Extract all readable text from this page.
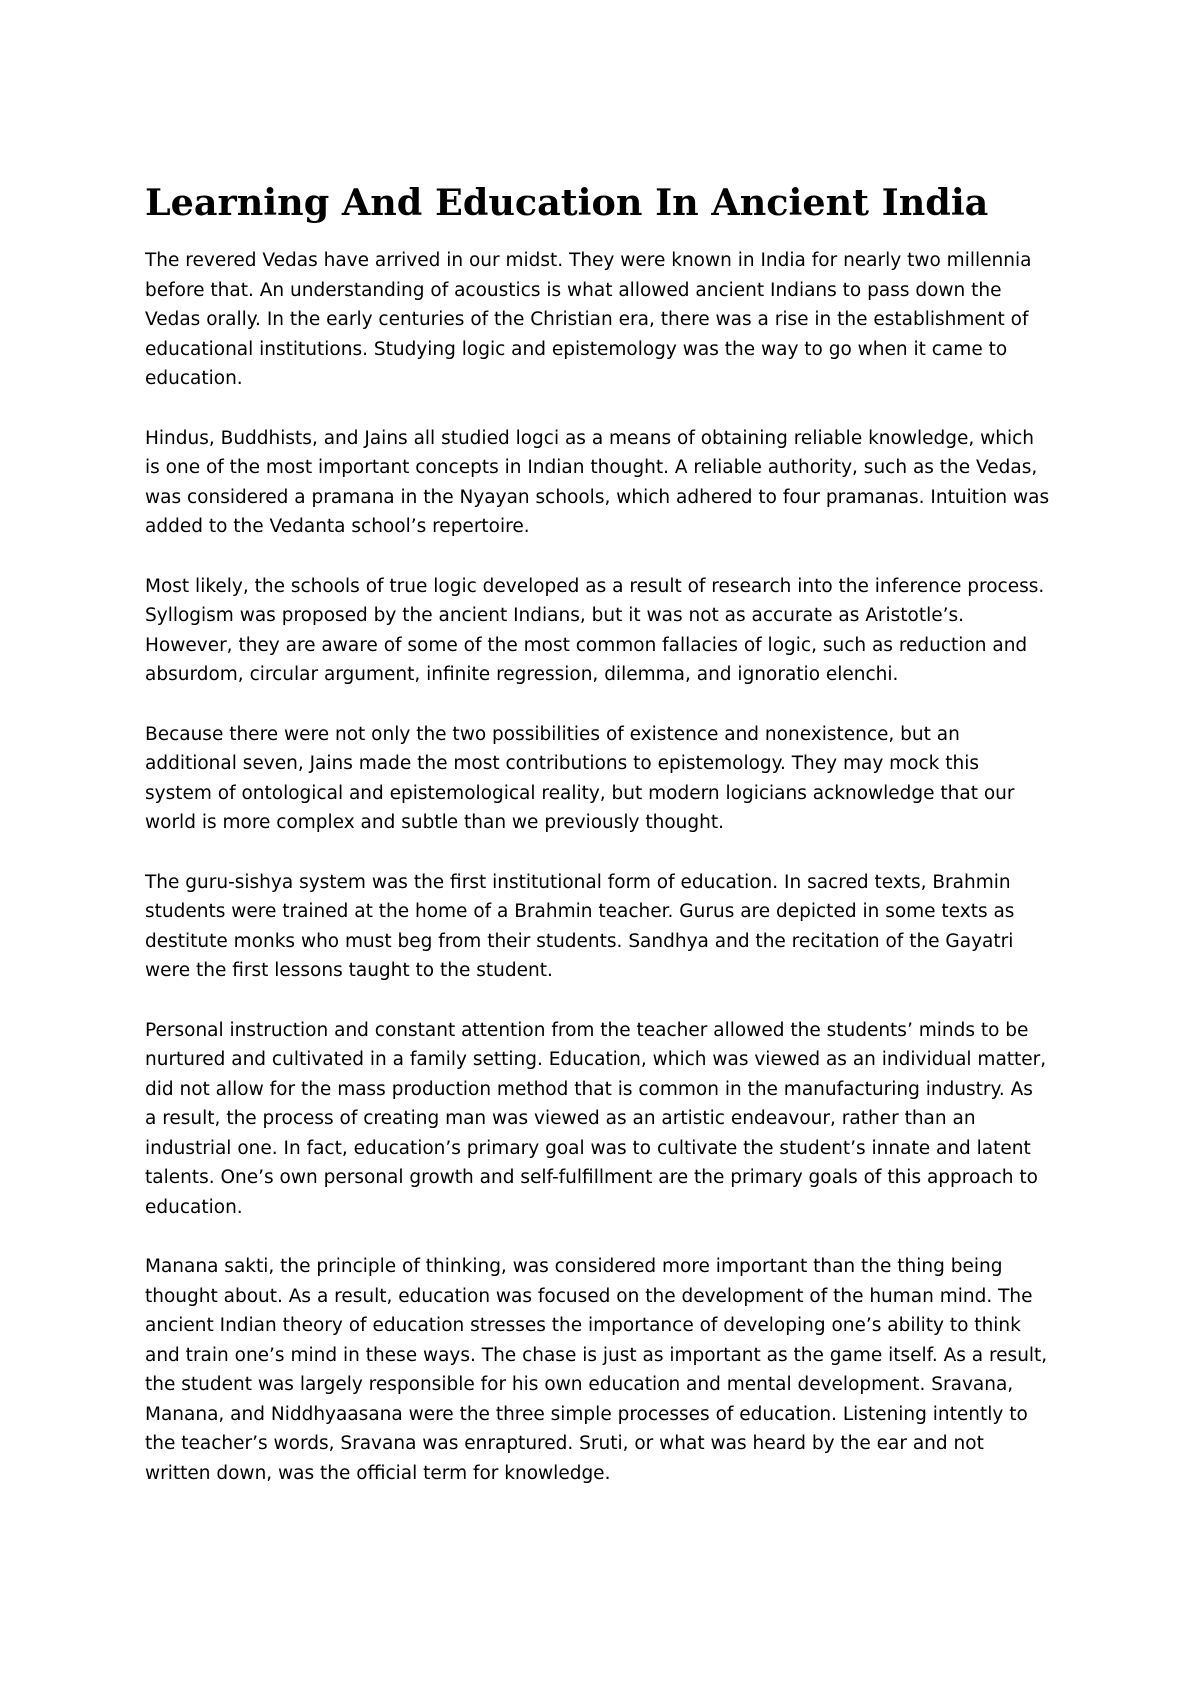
Learning And Education In Ancient India

The revered Vedas have arrived in our midst. They were known in India for nearly two millennia before that. An understanding of acoustics is what allowed ancient Indians to pass down the Vedas orally. In the early centuries of the Christian era, there was a rise in the establishment of educational institutions. Studying logic and epistemology was the way to go when it came to education.

Hindus, Buddhists, and Jains all studied logci as a means of obtaining reliable knowledge, which is one of the most important concepts in Indian thought. A reliable authority, such as the Vedas, was considered a pramana in the Nyayan schools, which adhered to four pramanas. Intuition was added to the Vedanta school’s repertoire.

Most likely, the schools of true logic developed as a result of research into the inference process. Syllogism was proposed by the ancient Indians, but it was not as accurate as Aristotle’s. However, they are aware of some of the most common fallacies of logic, such as reduction and absurdom, circular argument, infinite regression, dilemma, and ignoratio elenchi.

Because there were not only the two possibilities of existence and nonexistence, but an additional seven, Jains made the most contributions to epistemology. They may mock this system of ontological and epistemological reality, but modern logicians acknowledge that our world is more complex and subtle than we previously thought.

The guru-sishya system was the first institutional form of education. In sacred texts, Brahmin students were trained at the home of a Brahmin teacher. Gurus are depicted in some texts as destitute monks who must beg from their students. Sandhya and the recitation of the Gayatri were the first lessons taught to the student.

Personal instruction and constant attention from the teacher allowed the students’ minds to be nurtured and cultivated in a family setting. Education, which was viewed as an individual matter, did not allow for the mass production method that is common in the manufacturing industry. As a result, the process of creating man was viewed as an artistic endeavour, rather than an industrial one. In fact, education’s primary goal was to cultivate the student’s innate and latent talents. One’s own personal growth and self-fulfillment are the primary goals of this approach to education.

Manana sakti, the principle of thinking, was considered more important than the thing being thought about. As a result, education was focused on the development of the human mind. The ancient Indian theory of education stresses the importance of developing one’s ability to think and train one’s mind in these ways. The chase is just as important as the game itself. As a result, the student was largely responsible for his own education and mental development. Sravana, Manana, and Niddhyaasana were the three simple processes of education. Listening intently to the teacher’s words, Sravana was enraptured. Sruti, or what was heard by the ear and not written down, was the official term for knowledge.
